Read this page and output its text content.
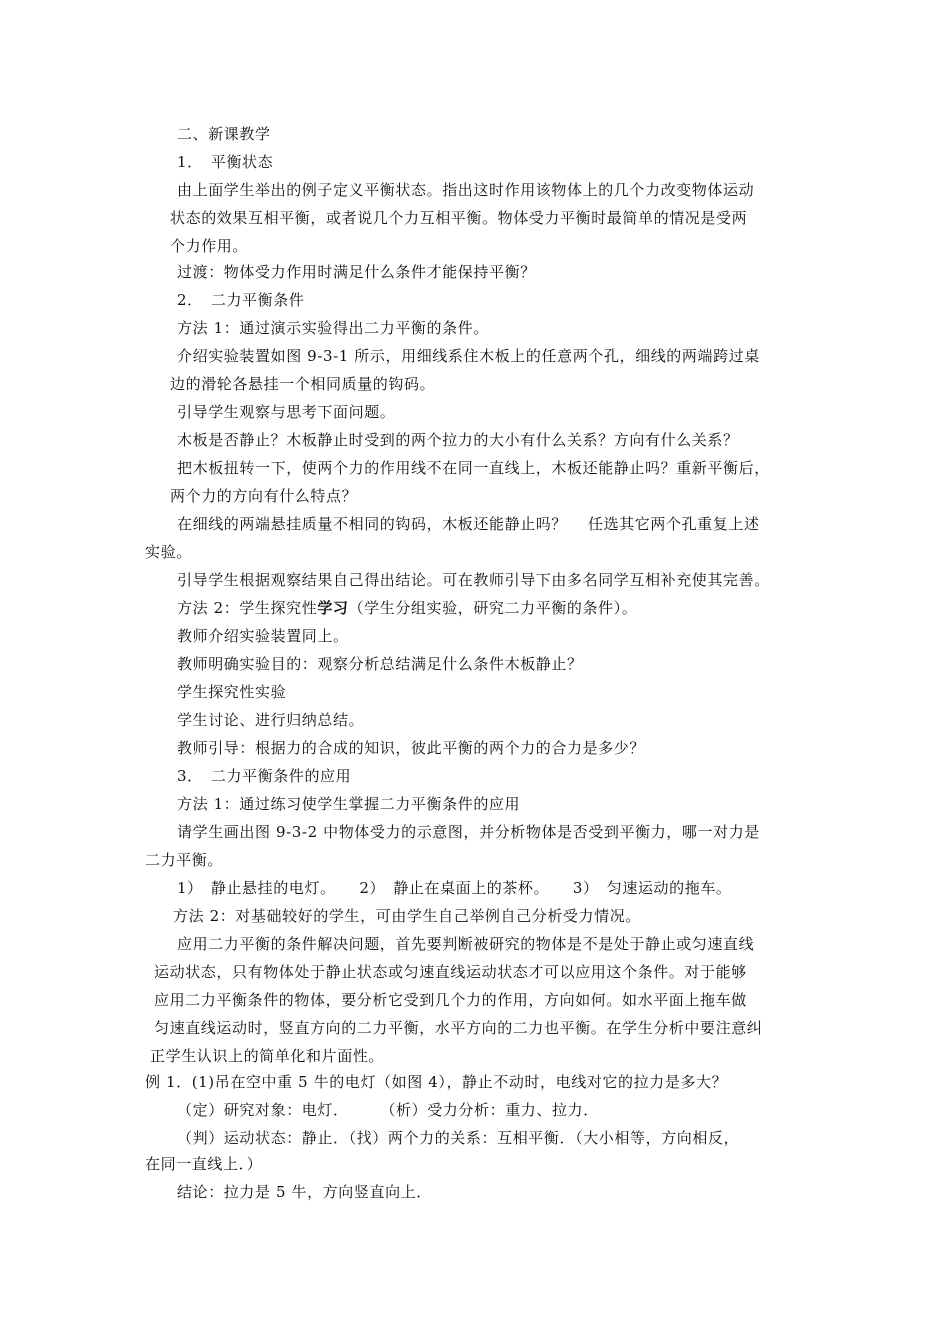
二、新课教学
1．　平衡状态
由上面学生举出的例子定义平衡状态。指出这时作用该物体上的几个力改变物体运动
状态的效果互相平衡，或者说几个力互相平衡。物体受力平衡时最简单的情况是受两
个力作用。
过渡：物体受力作用时满足什么条件才能保持平衡？
2．　二力平衡条件
方法 1：通过演示实验得出二力平衡的条件。
介绍实验装置如图 9-3-1 所示，用细线系住木板上的任意两个孔，细线的两端跨过桌
边的滑轮各悬挂一个相同质量的钩码。
引导学生观察与思考下面问题。
木板是否静止？木板静止时受到的两个拉力的大小有什么关系？方向有什么关系？
把木板扭转一下，使两个力的作用线不在同一直线上，木板还能静止吗？重新平衡后，
两个力的方向有什么特点？
在细线的两端悬挂质量不相同的钩码，木板还能静止吗？　 任选其它两个孔重复上述
实验。
引导学生根据观察结果自己得出结论。可在教师引导下由多名同学互相补充使其完善。
方法 2：学生探究性学习（学生分组实验，研究二力平衡的条件）。
教师介绍实验装置同上。
教师明确实验目的：观察分析总结满足什么条件木板静止？
学生探究性实验
学生讨论、进行归纳总结。
教师引导：根据力的合成的知识，彼此平衡的两个力的合力是多少？
3．　二力平衡条件的应用
方法 1：通过练习使学生掌握二力平衡条件的应用
请学生画出图 9-3-2 中物体受力的示意图，并分析物体是否受到平衡力，哪一对力是
二力平衡。
1）　静止悬挂的电灯。　　2）　静止在桌面上的茶杯。　　3）　匀速运动的拖车。
方法 2：对基础较好的学生，可由学生自己举例自己分析受力情况。
应用二力平衡的条件解决问题，首先要判断被研究的物体是不是处于静止或匀速直线
运动状态，只有物体处于静止状态或匀速直线运动状态才可以应用这个条件。对于能够
应用二力平衡条件的物体，要分析它受到几个力的作用，方向如何。如水平面上拖车做
匀速直线运动时，竖直方向的二力平衡，水平方向的二力也平衡。在学生分析中要注意纠
正学生认识上的简单化和片面性。
例 1．(1)吊在空中重 5 牛的电灯（如图 4），静止不动时，电线对它的拉力是多大？
（定）研究对象：电灯．　　　（析）受力分析：重力、拉力．
（判）运动状态：静止．（找）两个力的关系：互相平衡．（大小相等，方向相反，
在同一直线上．）
结论：拉力是 5 牛，方向竖直向上．
